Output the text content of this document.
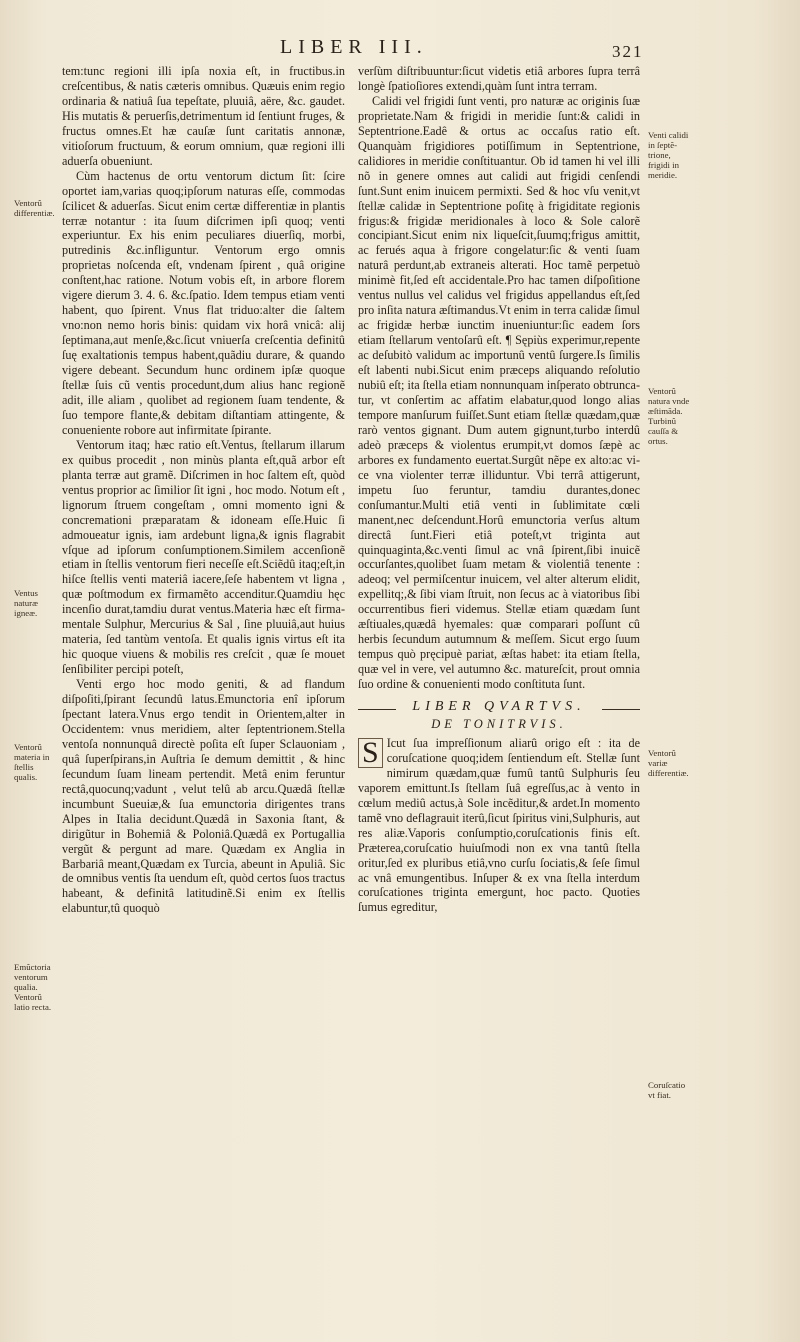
LIBER III.	321
Ventorû differentiæ.
Ventus naturæ igneæ.
Ventorû materia in ſtellis qualis.
Emũctoria ventorum qualia. Ventorû latio recta.
Venti calidi in ſeptẽtrione, frigidi in meridie.
Ventorû natura vnde æſtimãda. Turbinû cauſſa & ortus.
Ventorû variæ differentiæ.
Coruſcatio vt fiat.

tem:tunc regioni illi ipſa noxia eſt, in fructibus.in creſcentibus, & natis cæteris omnibus. Quæuis enim regio ordinaria & natiuâ ſua tepeſtate, pluuiâ, aëre, &c. gaudet. His mutatis & peruerſis,detrimentum id ſentiunt fruges, & fructus omnes.Et hæ cauſæ ſunt caritatis annonæ, vitioſorum fructuum, & eorum omnium, quæ regioni illi aduerſa obueniunt.

Cùm hactenus de ortu ventorum dictum ſit: ſcire oportet iam,varias quoq;ipſorum naturas eſſe, commodas ſcilicet & aduerſas. Sicut enim certæ differentiæ in plantis terræ notantur : ita ſuum diſcrimen ipſi quoq; venti experiuntur. Ex his enim peculiares diuerſiq, morbi, putredinis &c.infliguntur. Ventorum ergo omnis proprietas noſcenda eſt, vndenam ſpirent , quâ origine conſtent,hac ratione. Notum vobis eſt, in arbore florem vigere dierum 3. 4. 6. &c.ſpatio. Idem tempus etiam venti habent, quo ſpirent. Vnus flat triduo:alter die ſaltem vno:non nemo horis binis: quidam vix horâ vnicâ: alij ſeptimana,aut menſe,&c.ſicut vniuerſa creſcentia definitû ſuę exaltationis tempus habent,quãdiu durare, & quando vigere debeant. Secundum hunc ordinem ipſæ quoque ſtellæ ſuis cũ ventis procedunt,dum alius hanc regionẽ adit, ille aliam , quolibet ad regionem ſuam tendente, & ſuo tempore flante,& debitam diſtantiam attingente, & conueniente robore aut infirmitate ſpirante.

Ventorum itaq; hæc ratio eſt.Ventus, ſtellarum illarum ex quibus procedit , non minùs planta eſt,quã arbor eſt planta terræ aut gramẽ. Diſcrimen in hoc ſaltem eſt, quòd ventus proprior ac ſimilior ſit igni , hoc modo. Notum eſt , lignorum ſtruem congeſtam , omni momento igni & concremationi præparatam & idoneam eſſe.Huic ſi admoueatur ignis, iam ardebunt ligna,& ignis flagrabit vſque ad ipſorum conſumptionem.Similem accenſionẽ etiam in ſtellis ventorum fieri neceſſe eſt.Sciẽdû itaq;eſt,in hiſce ſtellis venti materiâ iacere,ſeſe habentem vt ligna , quæ poſtmodum ex firmamẽto accenditur.Quamdiu hęc incenſio durat,tamdiu durat ventus.Materia hæc eſt firmamentale Sulphur, Mercurius & Sal , ſine pluuiâ,aut huius materia, ſed tantùm ventoſa. Et qualis ignis virtus eſt ita hic quoque viuens & mobilis res creſcit , quæ ſe mouet ſenſibiliter percipi poteſt,

Venti ergo hoc modo geniti, & ad flandum diſpoſiti,ſpirant ſecundû latus.Emunctoria enî ipſorum ſpectant latera.Vnus ergo tendit in Orientem,alter in Occidentem: vnus meridiem, alter ſeptentrionem.Stella ventoſa nonnunquâ directè poſita eſt ſuper Sclauoniam , quâ ſuperſpirans,in Auſtria ſe demum demittit , & hinc ſecundum ſuam lineam pertendit. Metâ enim feruntur rectâ,quocunq;vadunt , velut telû ab arcu.Quædâ ſtellæ incumbunt Sueuiæ,& ſua emunctoria dirigentes trans Alpes in Italia decidunt.Quædâ in Saxonia ſtant, & dirigũtur in Bohemiâ & Poloniâ.Quædâ ex Portugallia vergũt & pergunt ad mare. Quædam ex Anglia in Barbariâ meant,Quædam ex Turcia, abeunt in Apuliâ. Sic de omnibus ventis ſta uendum eſt, quòd certos ſuos tractus habeant, & definitâ latitudinẽ.Si enim ex ſtellis elabuntur,tû quoquò

verſùm diſtribuuntur:ſicut videtis etiâ arbores ſupra terrâ longè ſpatioſiores extendi,quàm ſunt intra terram.

Calidi vel frigidi ſunt venti, pro naturæ ac originis ſuæ proprietate.Nam & frigidi in meridie ſunt:& calidi in Septentrione.Eadê & ortus ac occaſus ratio eſt. Quanquàm frigidiores potiſſimum in Septentrione, calidiores in meridie conſtituantur. Ob id tamen hi vel illi nõ in genere omnes aut calidi aut frigidi cenſendi ſunt.Sunt enim inuicem permixti. Sed & hoc vſu venit,vt ſtellæ calidæ in Septentrione poſitę à frigiditate regionis frigus:& frigidæ meridionales à loco & Sole calorẽ concipiant.Sicut enim nix liqueſcit,ſuumq;frigus amittit, ac ferués aqua à frigore congelatur:ſic & venti ſuam naturâ perdunt,ab extraneis alterati. Hoc tamẽ perpetuò minimè fit,ſed eſt accidentale.Pro hac tamen diſpoſitione ventus nullus vel calidus vel frigidus appellandus eſt,ſed pro inſita natura æſtimandus.Vt enim in terra calidæ ſimul ac frigidæ herbæ iunctim inueniuntur:ſic eadem ſors etiam ſtellarum ventoſarû eſt. ¶ Sępiùs experimur,repente ac deſubitò validum ac importunû ventû ſurgere.Is ſimilis eſt labenti nubi.Sicut enim præceps aliquando reſolutio nubiû eſt; ita ſtella etiam nonnunquam inſperato obtruncatur, vt conſertim ac affatim elabatur,quod longo alias tempore manſurum fuiſſet.Sunt etiam ſtellæ quædam,quæ rarò ventos gignant. Dum autem gignunt,turbo interdû adeò præceps & violentus erumpit,vt domos ſæpè ac arbores ex fundamento euertat.Surgût nẽpe ex alto:ac vice vna violenter terræ illiduntur. Vbi terrâ attigerunt, impetu ſuo feruntur, tamdiu durantes,donec conſumantur.Multi etiâ venti in ſublimitate cœli manent,nec deſcendunt.Horû emunctoria verſus altum directâ ſunt.Fieri etiâ poteſt,vt triginta aut quinquaginta,&c.venti ſimul ac vnâ ſpirent,ſibi inuicẽ occurſantes,quolibet ſuam metam & violentiâ tenente : adeoq; vel permiſcentur inuicem, vel alter alterum elidit, expellitq;,& ſibi viam ſtruit, non ſecus ac à viatoribus ſibi occurrentibus fieri videmus. Stellæ etiam quædam ſunt æſtiuales,quædâ hyemales: quæ comparari poſſunt cû herbis ſecundum autumnum & meſſem. Sicut ergo ſuum tempus quò pręcipuè pariat, æſtas habet: ita etiam ſtella, quæ vel in vere, vel autumno &c. matureſcit, prout omnia ſuo ordine & conuenienti modo conſtituta ſunt.

LIBER QVARTVS.
DE TONITRVIS.

S Icut ſua impreſſionum aliarû origo eſt : ita de coruſcatione quoq;idem ſentiendum eſt. Stellæ ſunt nimirum quædam,quæ fumû tantû Sulphuris ſeu vaporem emittunt.Is ſtellam ſuâ egreſſus,ac à vento in cœlum mediû actus,à Sole incẽditur,& ardet.In momento tamẽ vno deflagrauit iterû,ſicut ſpiritus vini,Sulphuris, aut res aliæ.Vaporis conſumptio,coruſcationis finis eſt. Præterea,coruſcatio huiuſmodi non ex vna tantû ſtella oritur,ſed ex pluribus etiâ,vno curſu ſociatis,& ſeſe ſimul ac vnâ emungentibus. Inſuper & ex vna ſtella interdum coruſcationes triginta emergunt, hoc pacto. Quoties ſumus egreditur,
